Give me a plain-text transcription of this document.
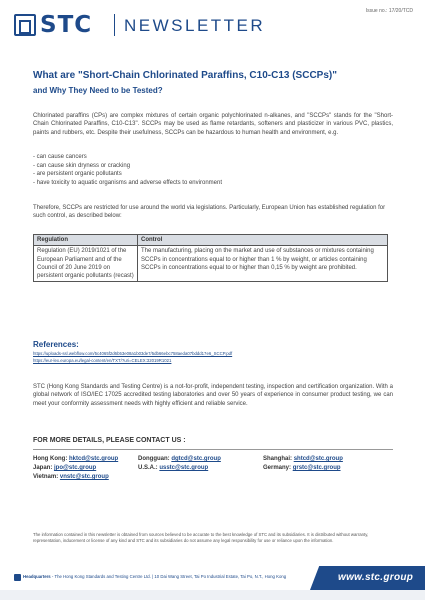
STC NEWSLETTER
Issue no.: 17/20/TCD
What are "Short-Chain Chlorinated Paraffins, C10-C13 (SCCPs)"
and Why They Need to be Tested?

Chlorinated paraffins (CPs) are complex mixtures of certain organic polychlorinated n-alkanes, and "SCCPs" stands for the "Short-Chain Chlorinated Paraffins, C10-C13". SCCPs may be used as flame retardants, softeners and plasticizer in various PVC, plastics, paints and rubbers, etc. Despite their usefulness, SCCPs can be hazardous to human health and environment, e.g.

- can cause cancers
- can cause skin dryness or cracking
- are persistent organic pollutants
- have toxicity to aquatic organisms and adverse effects to environment

Therefore, SCCPs are restricted for use around the world via legislations. Particularly, European Union has established regulation for such control, as described below:

Regulation	Control
Regulation (EU) 2019/1021 of the European Parliament and of the Council of 20 June 2019 on persistent organic pollutants (recast)	The manufacturing, placing on the market and use of substances or mixtures containing SCCPs in concentrations equal to or higher than 1 % by weight, or articles containing SCCPs in concentrations equal to or higher than 0,15 % by weight are prohibited.
References:
https://uploads-ssl.webflow.com/5c4065f2d6b53e08a1b03de7/5db66ebc758aeda07bddd17e6_SCCP.pdf
https://eur-lex.europa.eu/legal-content/en/TXT/?uri=CELEX:32019R1021

STC (Hong Kong Standards and Testing Centre) is a not-for-profit, independent testing, inspection and certification organization. With a global network of ISO/IEC 17025 accredited testing laboratories and over 50 years of experience in consumer product testing, we can meet your conformity assessment needs with highly efficient and reliable service.

FOR MORE DETAILS, PLEASE CONTACT US :
Hong Kong: hktcd@stc.group	Dongguan: dgtcd@stc.group	Shanghai: shtcd@stc.group
Japan: jpo@stc.group	U.S.A.: usstc@stc.group	Germany: grstc@stc.group
Vietnam: vnstc@stc.group

The information contained in this newsletter is obtained from sources believed to be accurate to the best knowledge of STC and its subsidiaries. It is distributed without warranty, representation, inducement or license of any kind and STC and its subsidiaries do not assume any legal responsibility for use or reliance upon the information.

Headquarters - The Hong Kong Standards and Testing Centre Ltd. | 10 Dai Wang Street, Tai Po Industrial Estate, Tai Po, N.T., Hong Kong	www.stc.group
